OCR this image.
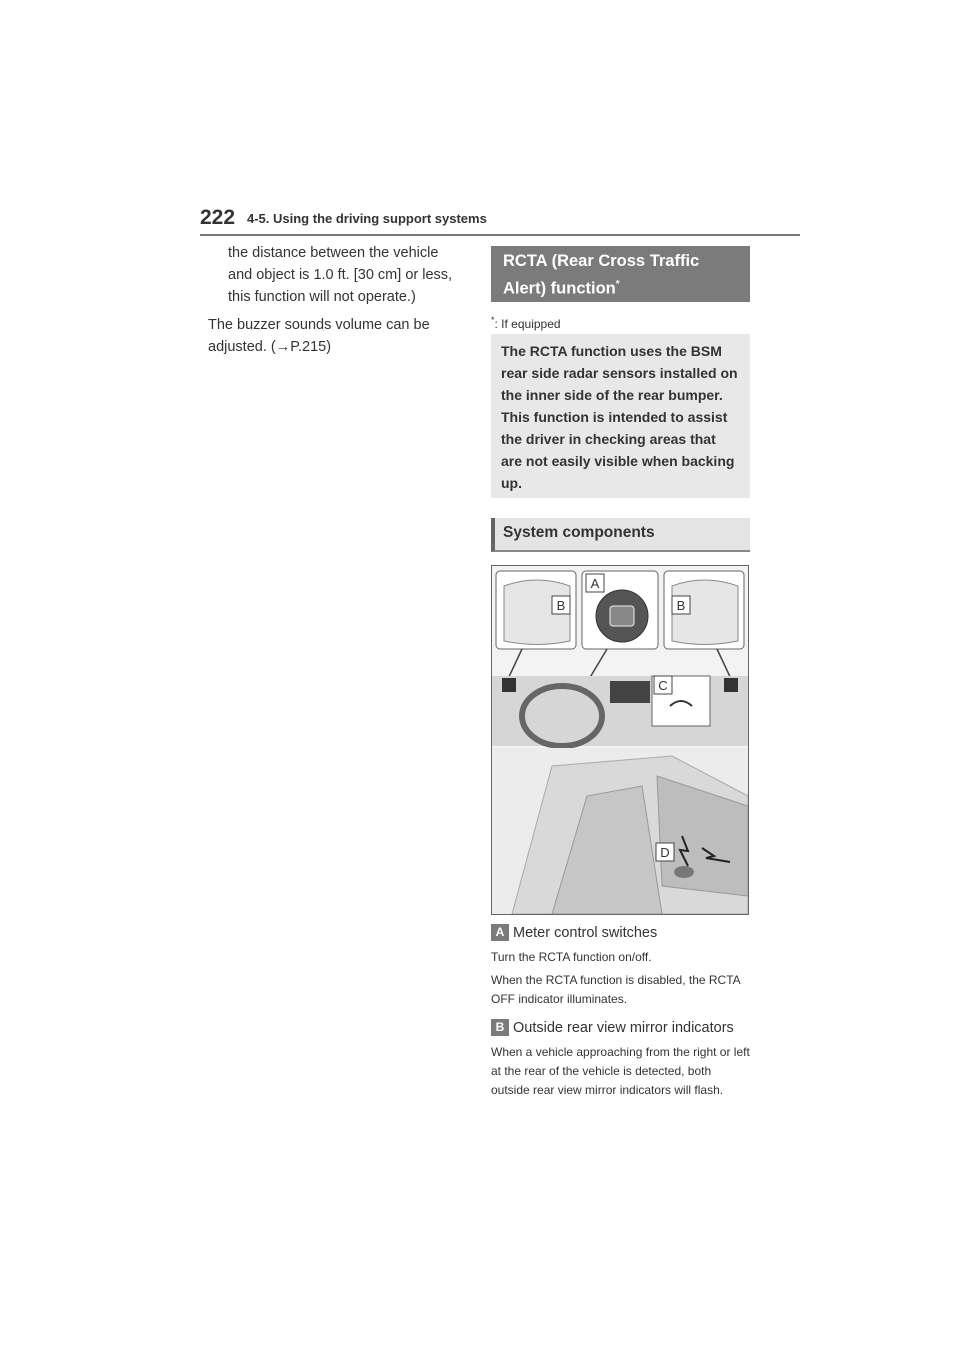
222 4-5. Using the driving support systems

the distance between the vehicle and object is 1.0 ft. [30 cm] or less, this function will not operate.)

The buzzer sounds volume can be adjusted. (→P.215)

RCTA (Rear Cross Traffic Alert) function*
*: If equipped
The RCTA function uses the BSM rear side radar sensors installed on the inner side of the rear bumper. This function is intended to assist the driver in checking areas that are not easily visible when backing up.
System components
A
B	B
C
D
A Meter control switches

Turn the RCTA function on/off.

When the RCTA function is disabled, the RCTA OFF indicator illuminates.

B Outside rear view mirror indicators

When a vehicle approaching from the right or left at the rear of the vehicle is detected, both outside rear view mirror indicators will flash.
